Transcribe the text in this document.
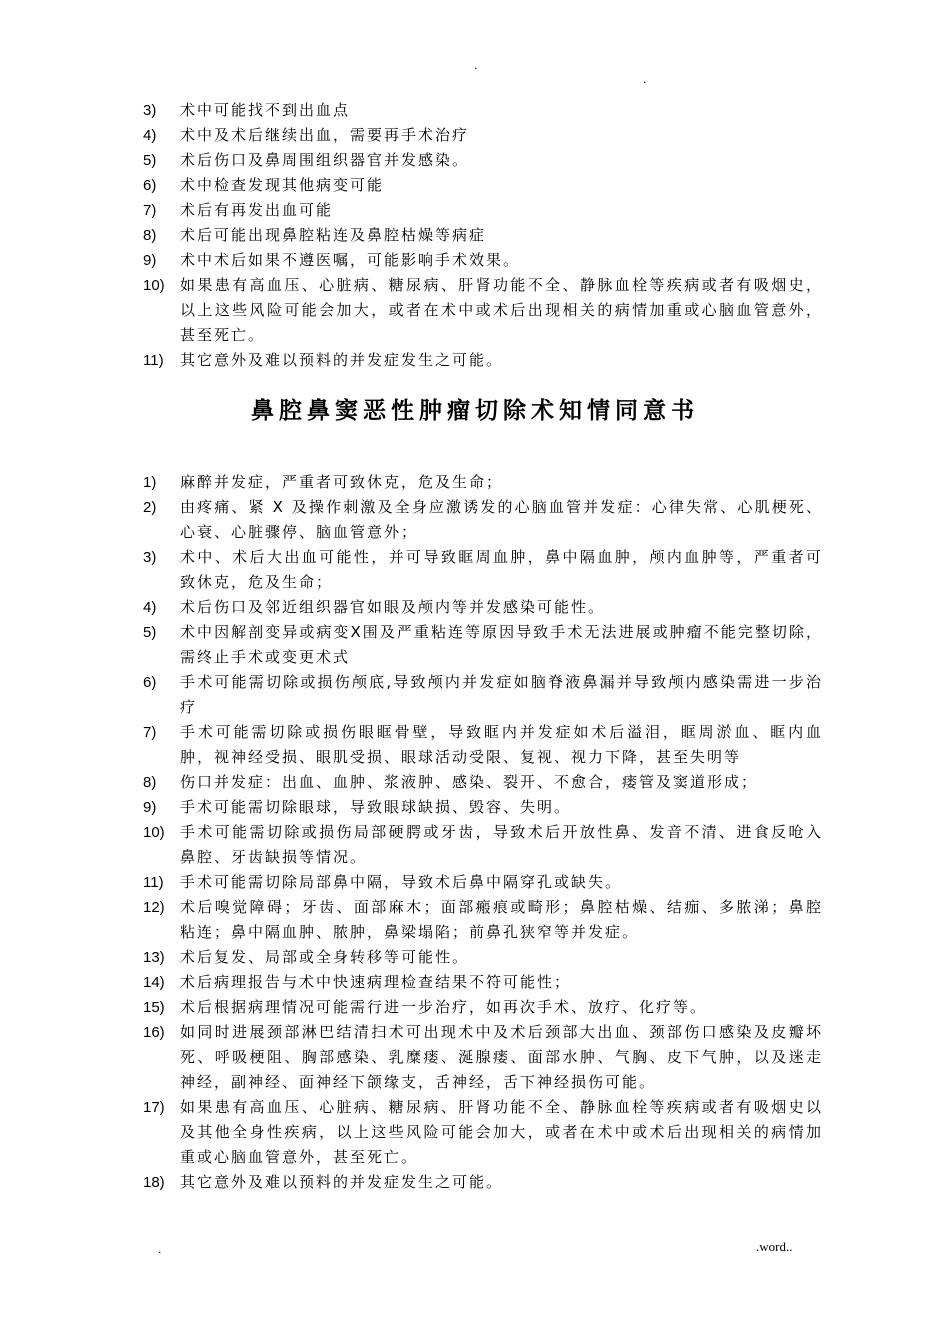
.
.
3)	术中可能找不到出血点
4)	术中及术后继续出血，需要再手术治疗
5)	术后伤口及鼻周围组织器官并发感染。
6)	术中检查发现其他病变可能
7)	术后有再发出血可能
8)	术后可能出现鼻腔粘连及鼻腔枯燥等病症
9)	术中术后如果不遵医嘱，可能影响手术效果。
10)	如果患有高血压、心脏病、糖尿病、肝肾功能不全、静脉血栓等疾病或者有吸烟史，以上这些风险可能会加大，或者在术中或术后出现相关的病情加重或心脑血管意外，甚至死亡。
11)	其它意外及难以预料的并发症发生之可能。
鼻腔鼻窦恶性肿瘤切除术知情同意书
1)	麻醉并发症，严重者可致休克，危及生命；
2)	由疼痛、紧 X 及操作刺激及全身应激诱发的心脑血管并发症：心律失常、心肌梗死、心衰、心脏骤停、脑血管意外；
3)	术中、术后大出血可能性，并可导致眶周血肿，鼻中隔血肿，颅内血肿等，严重者可致休克，危及生命；
4)	术后伤口及邻近组织器官如眼及颅内等并发感染可能性。
5)	术中因解剖变异或病变X围及严重粘连等原因导致手术无法进展或肿瘤不能完整切除，需终止手术或变更术式
6)	手术可能需切除或损伤颅底,导致颅内并发症如脑脊液鼻漏并导致颅内感染需进一步治疗
7)	手术可能需切除或损伤眼眶骨壁，导致眶内并发症如术后溢泪，眶周淤血、眶内血肿，视神经受损、眼肌受损、眼球活动受限、复视、视力下降，甚至失明等
8)	伤口并发症：出血、血肿、浆液肿、感染、裂开、不愈合，瘘管及窦道形成；
9)	手术可能需切除眼球，导致眼球缺损、毁容、失明。
10)	手术可能需切除或损伤局部硬腭或牙齿，导致术后开放性鼻、发音不清、进食反呛入鼻腔、牙齿缺损等情况。
11)	手术可能需切除局部鼻中隔，导致术后鼻中隔穿孔或缺失。
12)	术后嗅觉障碍；牙齿、面部麻木；面部瘢痕或畸形；鼻腔枯燥、结痂、多脓涕；鼻腔粘连；鼻中隔血肿、脓肿，鼻梁塌陷；前鼻孔狭窄等并发症。
13)	术后复发、局部或全身转移等可能性。
14)	术后病理报告与术中快速病理检查结果不符可能性；
15)	术后根据病理情况可能需行进一步治疗，如再次手术、放疗、化疗等。
16)	如同时进展颈部淋巴结清扫术可出现术中及术后颈部大出血、颈部伤口感染及皮瓣坏死、呼吸梗阻、胸部感染、乳糜瘘、涎腺瘘、面部水肿、气胸、皮下气肿，以及迷走神经，副神经、面神经下颌缘支，舌神经，舌下神经损伤可能。
17)	如果患有高血压、心脏病、糖尿病、肝肾功能不全、静脉血栓等疾病或者有吸烟史以及其他全身性疾病，以上这些风险可能会加大，或者在术中或术后出现相关的病情加重或心脑血管意外，甚至死亡。
18)	其它意外及难以预料的并发症发生之可能。
.	.word..
